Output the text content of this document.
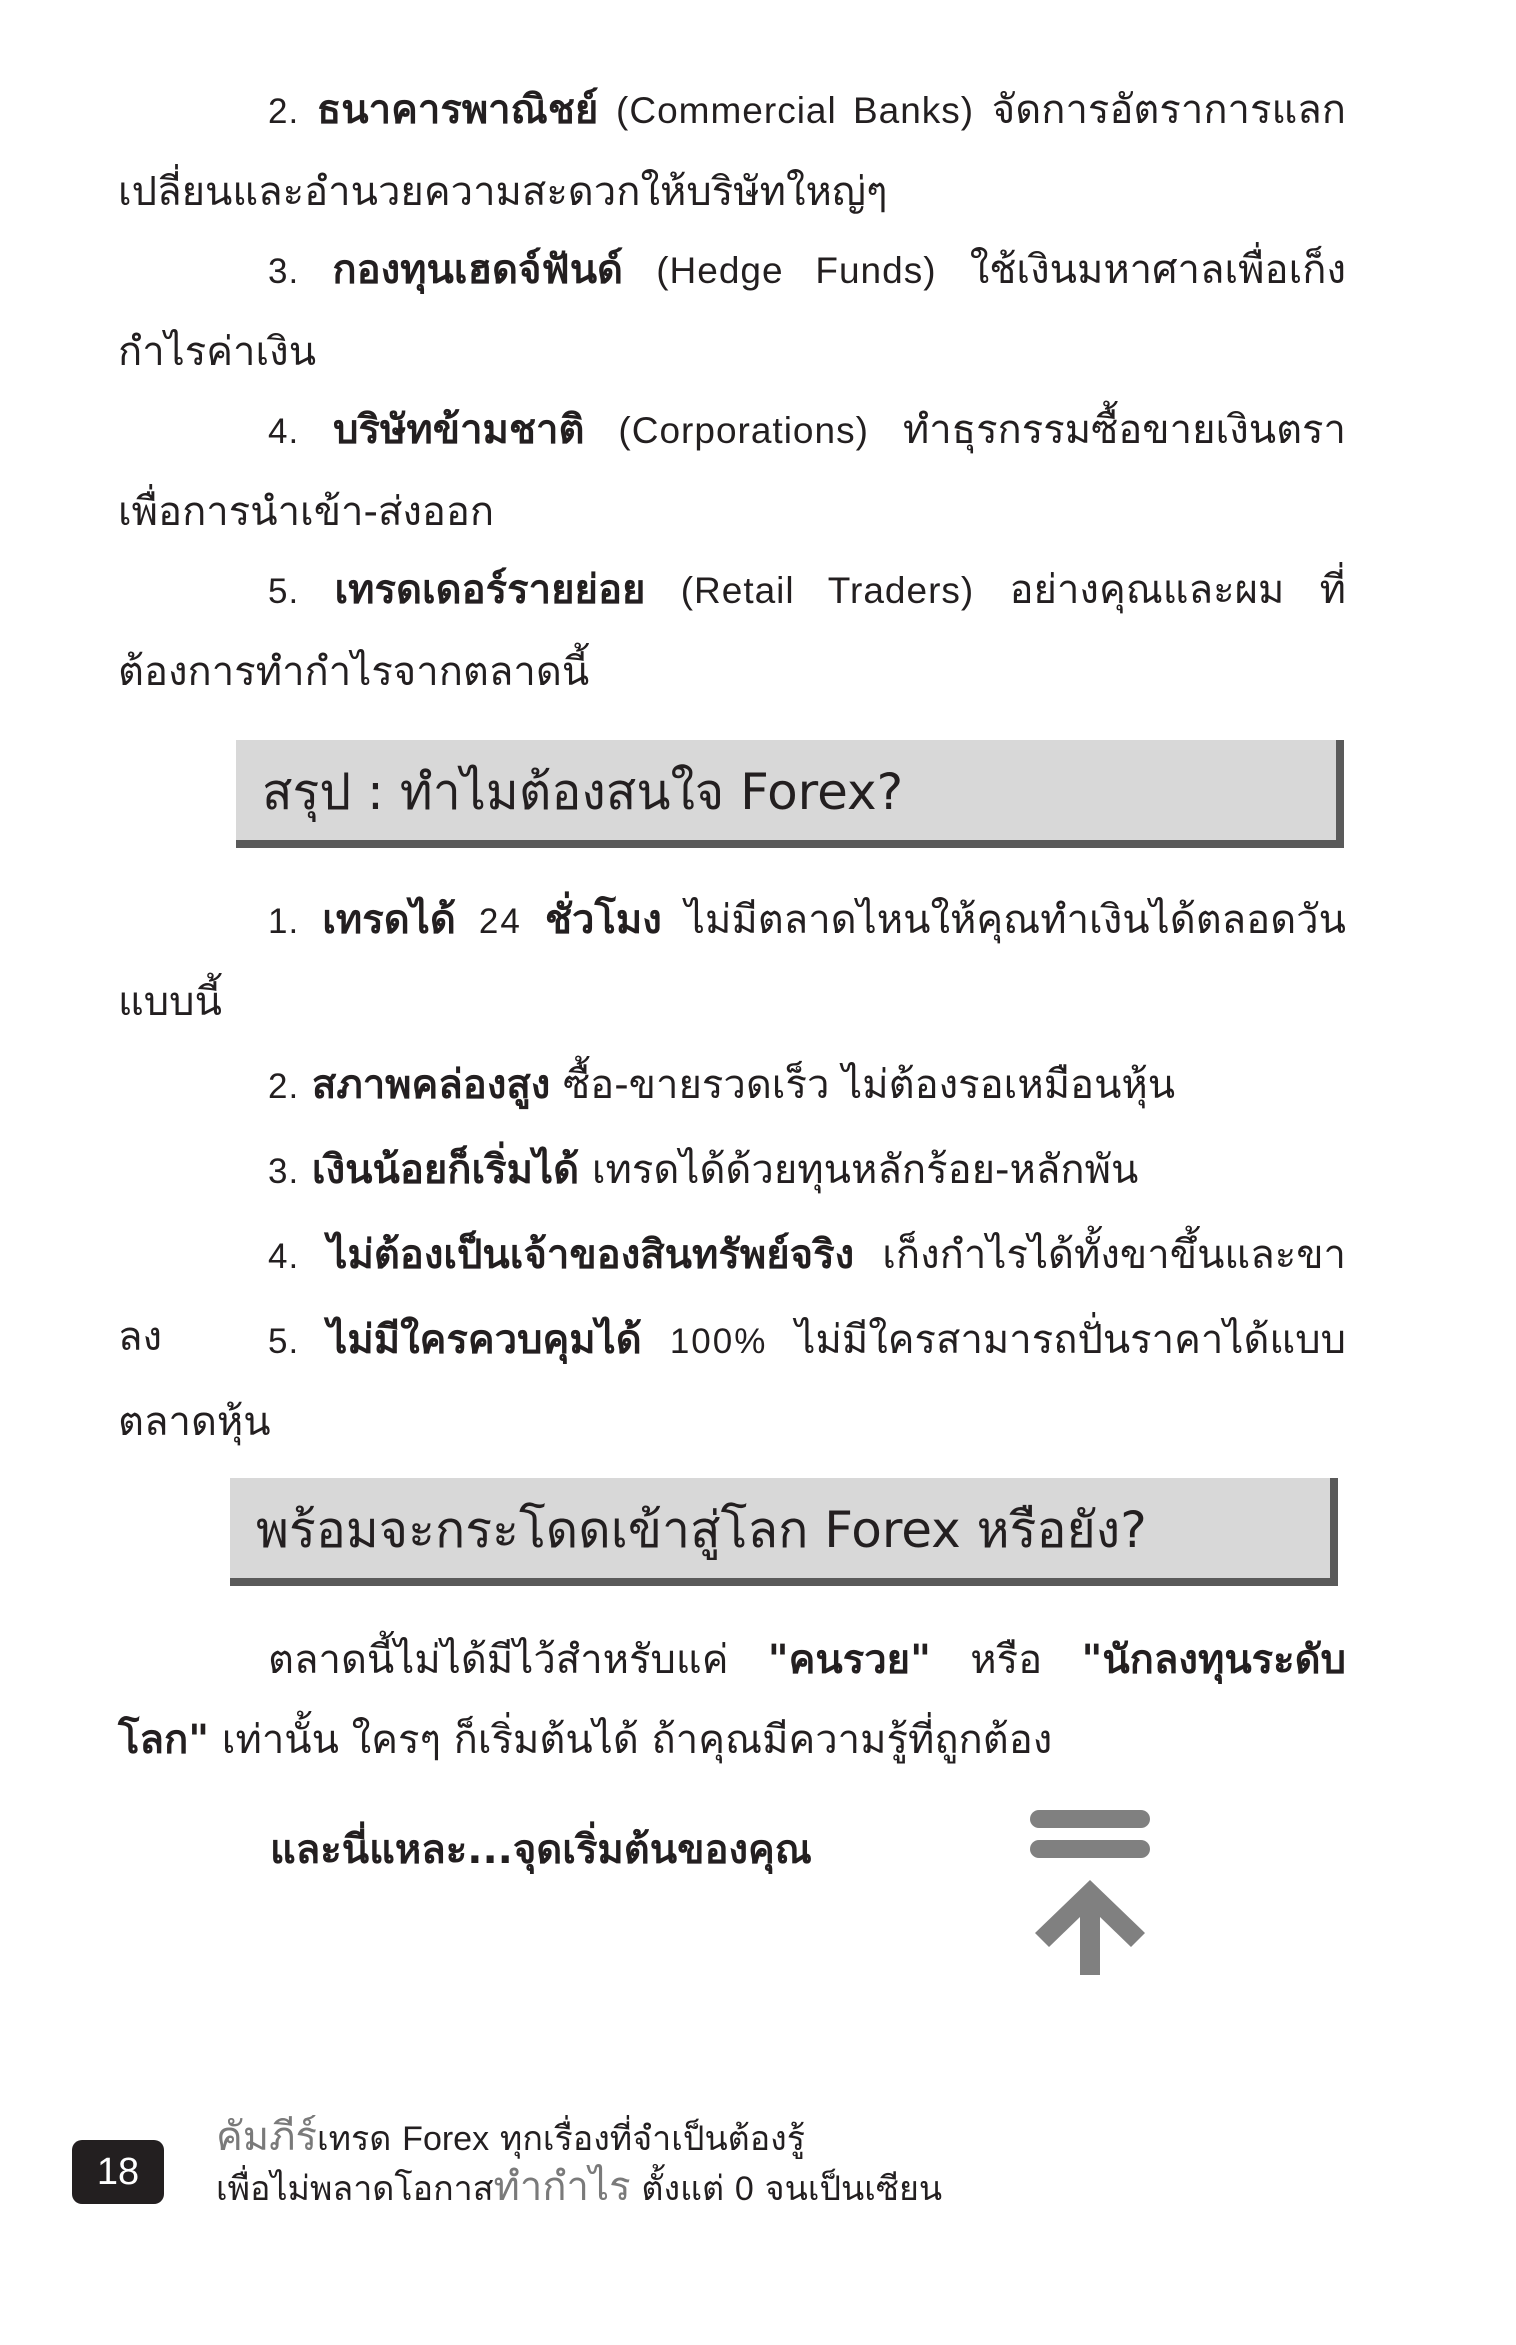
2. ธนาคารพาณิชย์ (Commercial Banks) จัดการอัตราการแลกเปลี่ยนและอำนวยความสะดวกให้บริษัทใหญ่ๆ

3. กองทุนเฮดจ์ฟันด์ (Hedge Funds) ใช้เงินมหาศาลเพื่อเก็งกำไรค่าเงิน

4. บริษัทข้ามชาติ (Corporations) ทำธุรกรรมซื้อขายเงินตราเพื่อการนำเข้า-ส่งออก

5. เทรดเดอร์รายย่อย (Retail Traders) อย่างคุณและผม ที่ต้องการทำกำไรจากตลาดนี้

สรุป : ทำไมต้องสนใจ Forex?

1. เทรดได้ 24 ชั่วโมง ไม่มีตลาดไหนให้คุณทำเงินได้ตลอดวันแบบนี้

2. สภาพคล่องสูง ซื้อ-ขายรวดเร็ว ไม่ต้องรอเหมือนหุ้น

3. เงินน้อยก็เริ่มได้ เทรดได้ด้วยทุนหลักร้อย-หลักพัน

4. ไม่ต้องเป็นเจ้าของสินทรัพย์จริง เก็งกำไรได้ทั้งขาขึ้นและขาลง	5. ไม่มีใครควบคุมได้ 100% ไม่มีใครสามารถปั่นราคาได้แบบตลาดหุ้น

พร้อมจะกระโดดเข้าสู่โลก Forex หรือยัง?

ตลาดนี้ไม่ได้มีไว้สำหรับแค่ "คนรวย" หรือ "นักลงทุนระดับโลก" เท่านั้น ใครๆ ก็เริ่มต้นได้ ถ้าคุณมีความรู้ที่ถูกต้อง

และนี่แหละ...จุดเริ่มต้นของคุณ
18
คัมภีร์เทรด Forex ทุกเรื่องที่จำเป็นต้องรู้
เพื่อไม่พลาดโอกาสทำกำไร ตั้งแต่ 0 จนเป็นเซียน
